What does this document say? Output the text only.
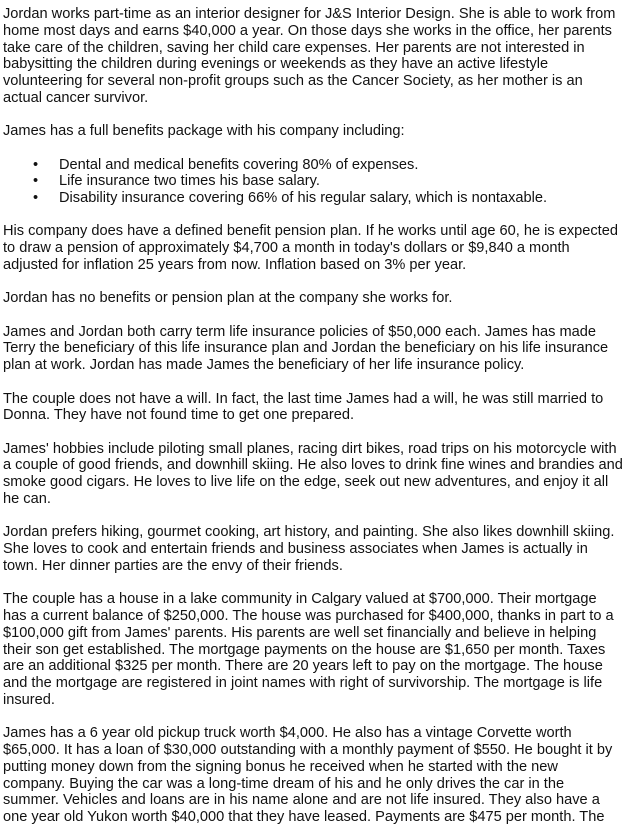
Jordan works part-time as an interior designer for J&S Interior Design. She is able to work from
home most days and earns $40,000 a year. On those days she works in the office, her parents
take care of the children, saving her child care expenses. Her parents are not interested in
babysitting the children during evenings or weekends as they have an active lifestyle
volunteering for several non-profit groups such as the Cancer Society, as her mother is an
actual cancer survivor.

James has a full benefits package with his company including:

• Dental and medical benefits covering 80% of expenses.
• Life insurance two times his base salary.
• Disability insurance covering 66% of his regular salary, which is nontaxable.

His company does have a defined benefit pension plan. If he works until age 60, he is expected
to draw a pension of approximately $4,700 a month in today's dollars or $9,840 a month
adjusted for inflation 25 years from now. Inflation based on 3% per year.

Jordan has no benefits or pension plan at the company she works for.

James and Jordan both carry term life insurance policies of $50,000 each. James has made
Terry the beneficiary of this life insurance plan and Jordan the beneficiary on his life insurance
plan at work. Jordan has made James the beneficiary of her life insurance policy.

The couple does not have a will. In fact, the last time James had a will, he was still married to
Donna. They have not found time to get one prepared.

James' hobbies include piloting small planes, racing dirt bikes, road trips on his motorcycle with
a couple of good friends, and downhill skiing. He also loves to drink fine wines and brandies and
smoke good cigars. He loves to live life on the edge, seek out new adventures, and enjoy it all
he can.

Jordan prefers hiking, gourmet cooking, art history, and painting. She also likes downhill skiing.
She loves to cook and entertain friends and business associates when James is actually in
town. Her dinner parties are the envy of their friends.

The couple has a house in a lake community in Calgary valued at $700,000. Their mortgage
has a current balance of $250,000. The house was purchased for $400,000, thanks in part to a
$100,000 gift from James' parents. His parents are well set financially and believe in helping
their son get established. The mortgage payments on the house are $1,650 per month. Taxes
are an additional $325 per month. There are 20 years left to pay on the mortgage. The house
and the mortgage are registered in joint names with right of survivorship. The mortgage is life
insured.

James has a 6 year old pickup truck worth $4,000. He also has a vintage Corvette worth
$65,000. It has a loan of $30,000 outstanding with a monthly payment of $550. He bought it by
putting money down from the signing bonus he received when he started with the new
company. Buying the car was a long-time dream of his and he only drives the car in the
summer. Vehicles and loans are in his name alone and are not life insured. They also have a
one year old Yukon worth $40,000 that they have leased. Payments are $475 per month. The
